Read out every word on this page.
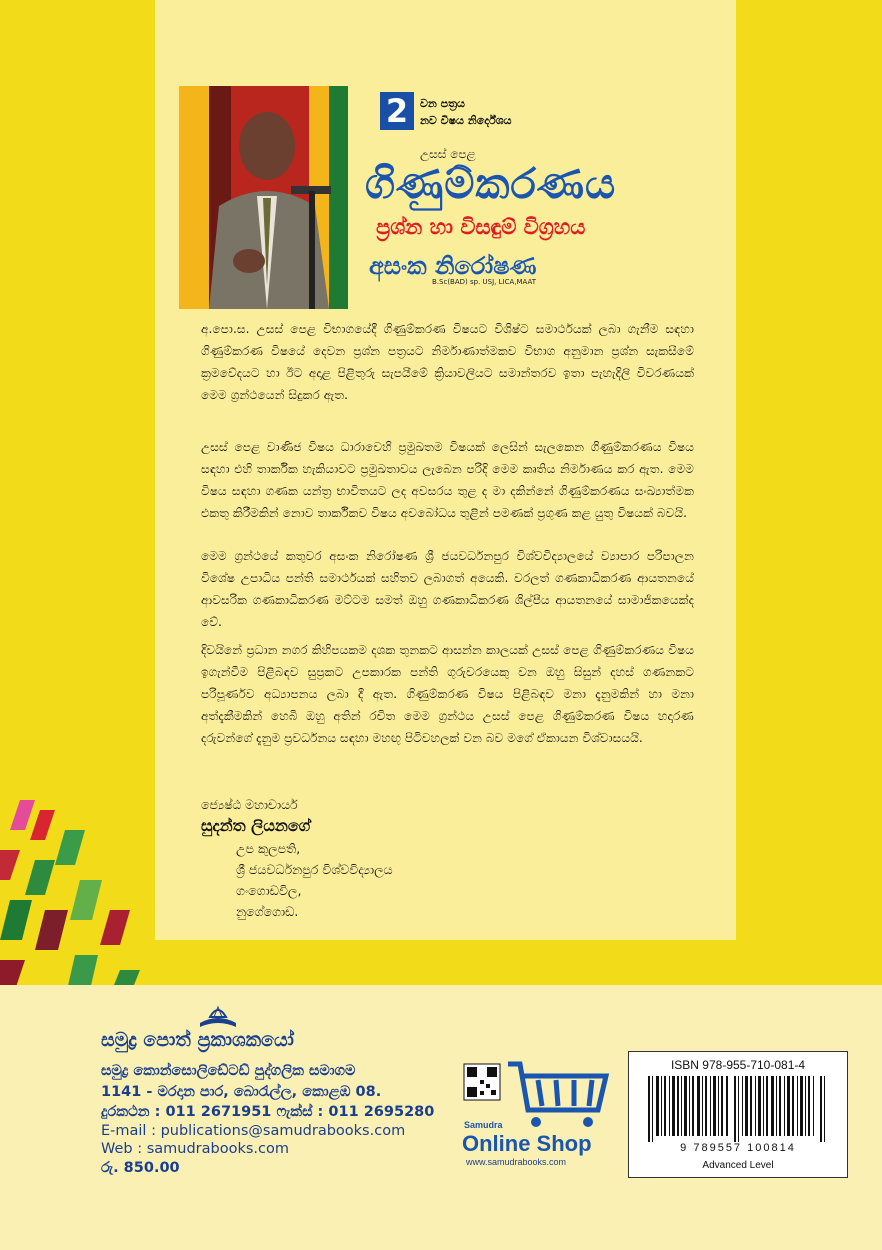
2	වන පත්‍රය
නව විෂය නිර්දේශය
උසස් පෙළ
ගිණුම්කරණය
ප්‍රශ්න හා විසඳුම් විග්‍රහය
අසංක නිරෝෂණ
B.Sc(BAD) sp. USJ, LICA,MAAT

අ.පො.ස. උසස් පෙළ විභාගයේදී ගිණුම්කරණ විෂයට විශිෂ්ට සමාර්ථයක් ලබා ගැනීම සඳහා ගිණුම්කරණ විෂයේ දෙවන ප්‍රශ්න පත්‍රයට නිර්මාණාත්මකව විභාග අනුමාන ප්‍රශ්න සැකසීමේ ක්‍රමවේදයට හා ඊට අදාළ පිළිතුරු සැපයීමේ ක්‍රියාවලියට සමාන්තරව ඉතා පැහැදිලි විවරණයක් මෙම ග්‍රන්ථයෙන් සිදුකර ඇත.

උසස් පෙළ වාණිජ විෂය ධාරාවෙහි ප්‍රමුඛතම විෂයක් ලෙසින් සැලකෙන ගිණුම්කරණය විෂය සඳහා එහි තාර්කික හැකියාවට ප්‍රමුඛතාවය ලැබෙන පරිදි මෙම කෘතිය නිර්මාණය කර ඇත. මෙම විෂය සඳහා ගණක යන්ත්‍ර භාවිතයට ලද අවසරය තුළ ද මා දකින්නේ ගිණුම්කරණය සංඛ්‍යාත්මක එකතු කිරීමකින් නොව තාර්කිකව විෂය අවබෝධය තුළින් පමණක් ප්‍රගුණ කළ යුතු විෂයක් බවයි.

මෙම ග්‍රන්ථයේ කතුවර අසංක නිරෝෂණ ශ්‍රී ජයවර්ධනපුර විශ්වවිද්‍යාලයේ ව්‍යාපාර පරිපාලන විශේෂ උපාධිය පන්ති සමාර්ථයක් සහිතව ලබාගත් අයෙකි. වරලත් ගණකාධිකරණ ආයතනයේ ආවසරික ගණකාධිකරණ මට්ටම සමත් ඔහු ගණකාධිකරණ ශිල්පීය ආයතනයේ සාමාජිකයෙක්ද වේ.

දිවයිනේ ප්‍රධාන නගර කිහිපයකම දශක තුනකට ආසන්න කාලයක් උසස් පෙළ ගිණුම්කරණය විෂය ඉගැන්වීම පිළිබඳව සුප්‍රකට උපකාරක පන්ති ගුරුවරයෙකු වන ඔහු සිසුන් දහස් ගණනකට පරිපූර්ණව අධ්‍යාපනය ලබා දී ඇත. ගිණුම්කරණ විෂය පිළිබඳව මනා දැනුමකින් හා මනා අත්දැකීමකින් හෙබි ඔහු අතින් රචිත මෙම ග්‍රන්ථය උසස් පෙළ ගිණුම්කරණ විෂය හදාරණ දරුවන්ගේ දැනුම ප්‍රවර්ධනය සඳහා මහඟු පිටිවහලක් වන බව මගේ ඒකායන විශ්වාසයයි.

ජ්‍යෙෂ්ඨ මහාචාර්ය
සුදන්ත ලියනගේ
උප කුලපති,
ශ්‍රී ජයවර්ධනපුර විශ්වවිද්‍යාලය
ගංගොඩවිල,
නුගේගොඩ.
සමුද්‍ර පොත් ප්‍රකාශකයෝ
සමුද්‍ර කොන්සොලිඩේටඩ් පුද්ගලික සමාගම
1141 - මරදාන පාර, බොරැල්ල, කොළඹ 08.
දුරකථන : 011 2671951 ෆැක්ස් : 011 2695280
E-mail : publications@samudrabooks.com
Web : samudrabooks.com
රු. 850.00
Samudra
Online Shop
www.samudrabooks.com
ISBN 978-955-710-081-4
9 789557 100814
Advanced Level
